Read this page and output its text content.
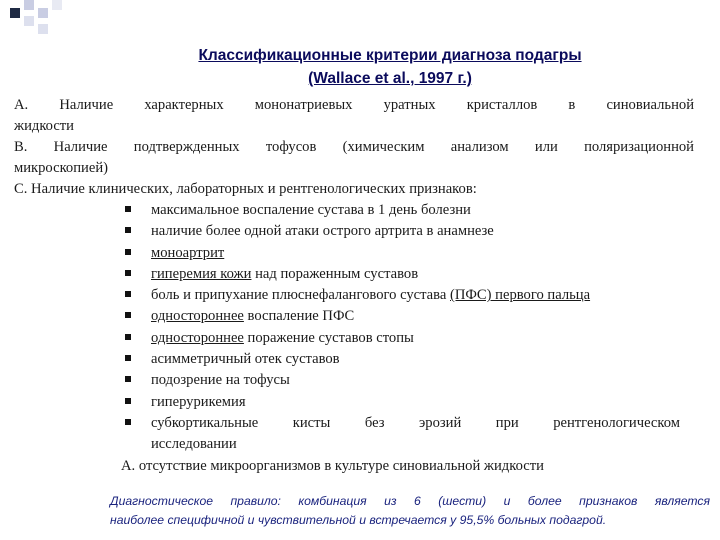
Классификационные критерии диагноза подагры
(Wallace et al., 1997 г.)
А. Наличие характерных мононатриевых уратных кристаллов в синовиальной
жидкости
В. Наличие подтвержденных тофусов (химическим анализом или поляризационной
микроскопией)
С. Наличие клинических, лабораторных и рентгенологических признаков:
максимальное воспаление сустава в 1 день болезни
наличие более одной атаки острого артрита в анамнезе
моноартрит
гиперемия кожи над пораженным суставов
боль и припухание плюснефалангового сустава (ПФС) первого пальца
одностороннее воспаление ПФС
одностороннее поражение суставов стопы
асимметричный отек суставов
подозрение на тофусы
гиперурикемия
субкортикальные кисты без эрозий при рентгенологическом
исследовании
А. отсутствие микроорганизмов в культуре синовиальной жидкости
Диагностическое правило: комбинация из 6 (шести) и более признаков является
наиболее специфичной и чувствительной и встречается у 95,5% больных подагрой.
